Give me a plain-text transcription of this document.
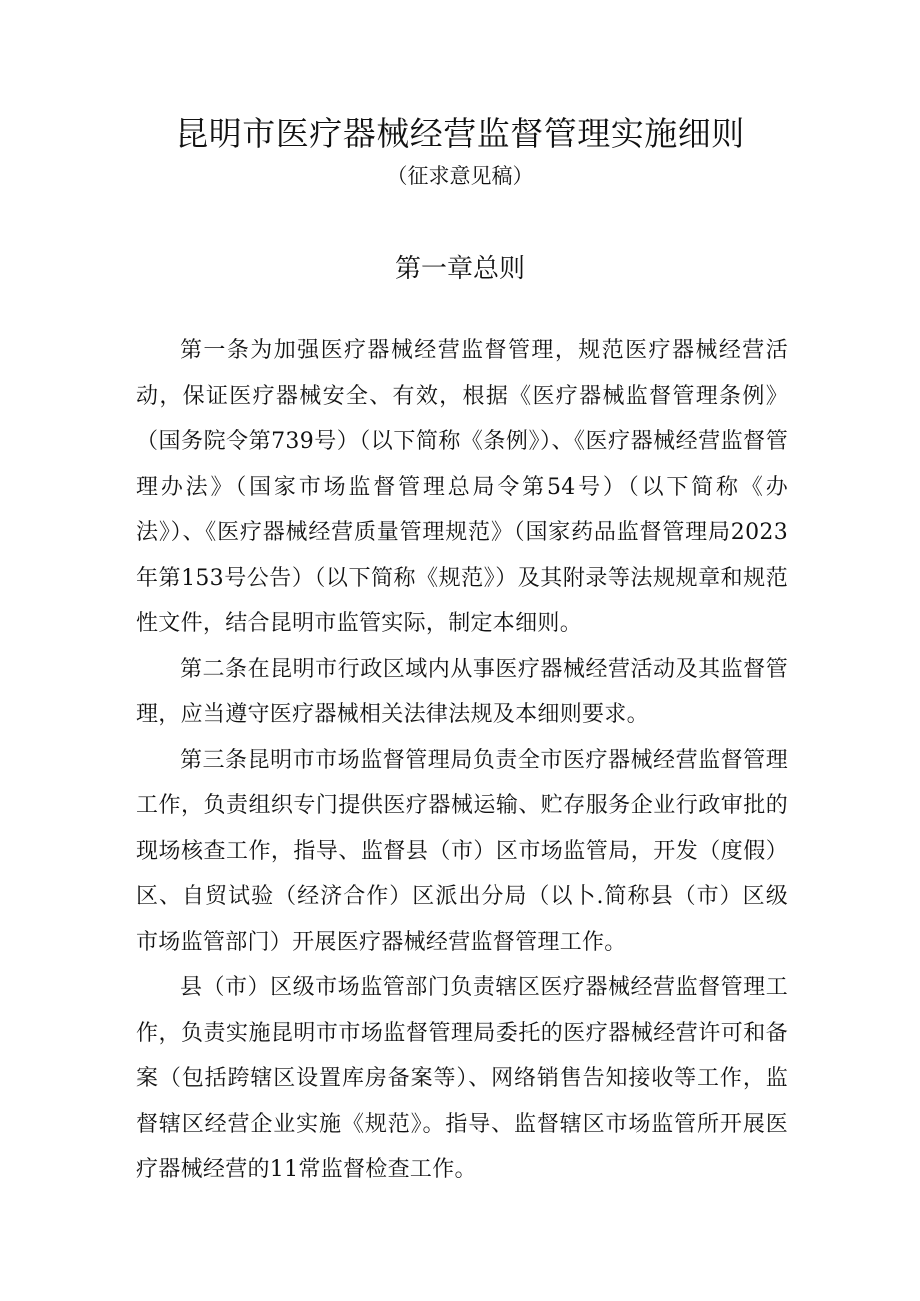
昆明市医疗器械经营监督管理实施细则

（征求意见稿）

第一章总则

第一条为加强医疗器械经营监督管理，规范医疗器械经营活动，保证医疗器械安全、有效，根据《医疗器械监督管理条例》（国务院令第739号）（以下简称《条例》）、《医疗器械经营监督管理办法》（国家市场监督管理总局令第54号）（以下简称《办法》）、《医疗器械经营质量管理规范》（国家药品监督管理局2023年第153号公告）（以下简称《规范》）及其附录等法规规章和规范性文件，结合昆明市监管实际，制定本细则。

第二条在昆明市行政区域内从事医疗器械经营活动及其监督管理，应当遵守医疗器械相关法律法规及本细则要求。

第三条昆明市市场监督管理局负责全市医疗器械经营监督管理工作，负责组织专门提供医疗器械运输、贮存服务企业行政审批的现场核查工作，指导、监督县（市）区市场监管局，开发（度假）区、自贸试验（经济合作）区派出分局（以卜.简称县（市）区级市场监管部门）开展医疗器械经营监督管理工作。

县（市）区级市场监管部门负责辖区医疗器械经营监督管理工作，负责实施昆明市市场监督管理局委托的医疗器械经营许可和备案（包括跨辖区设置库房备案等）、网络销售告知接收等工作，监督辖区经营企业实施《规范》。指导、监督辖区市场监管所开展医疗器械经营的11常监督检查工作。
